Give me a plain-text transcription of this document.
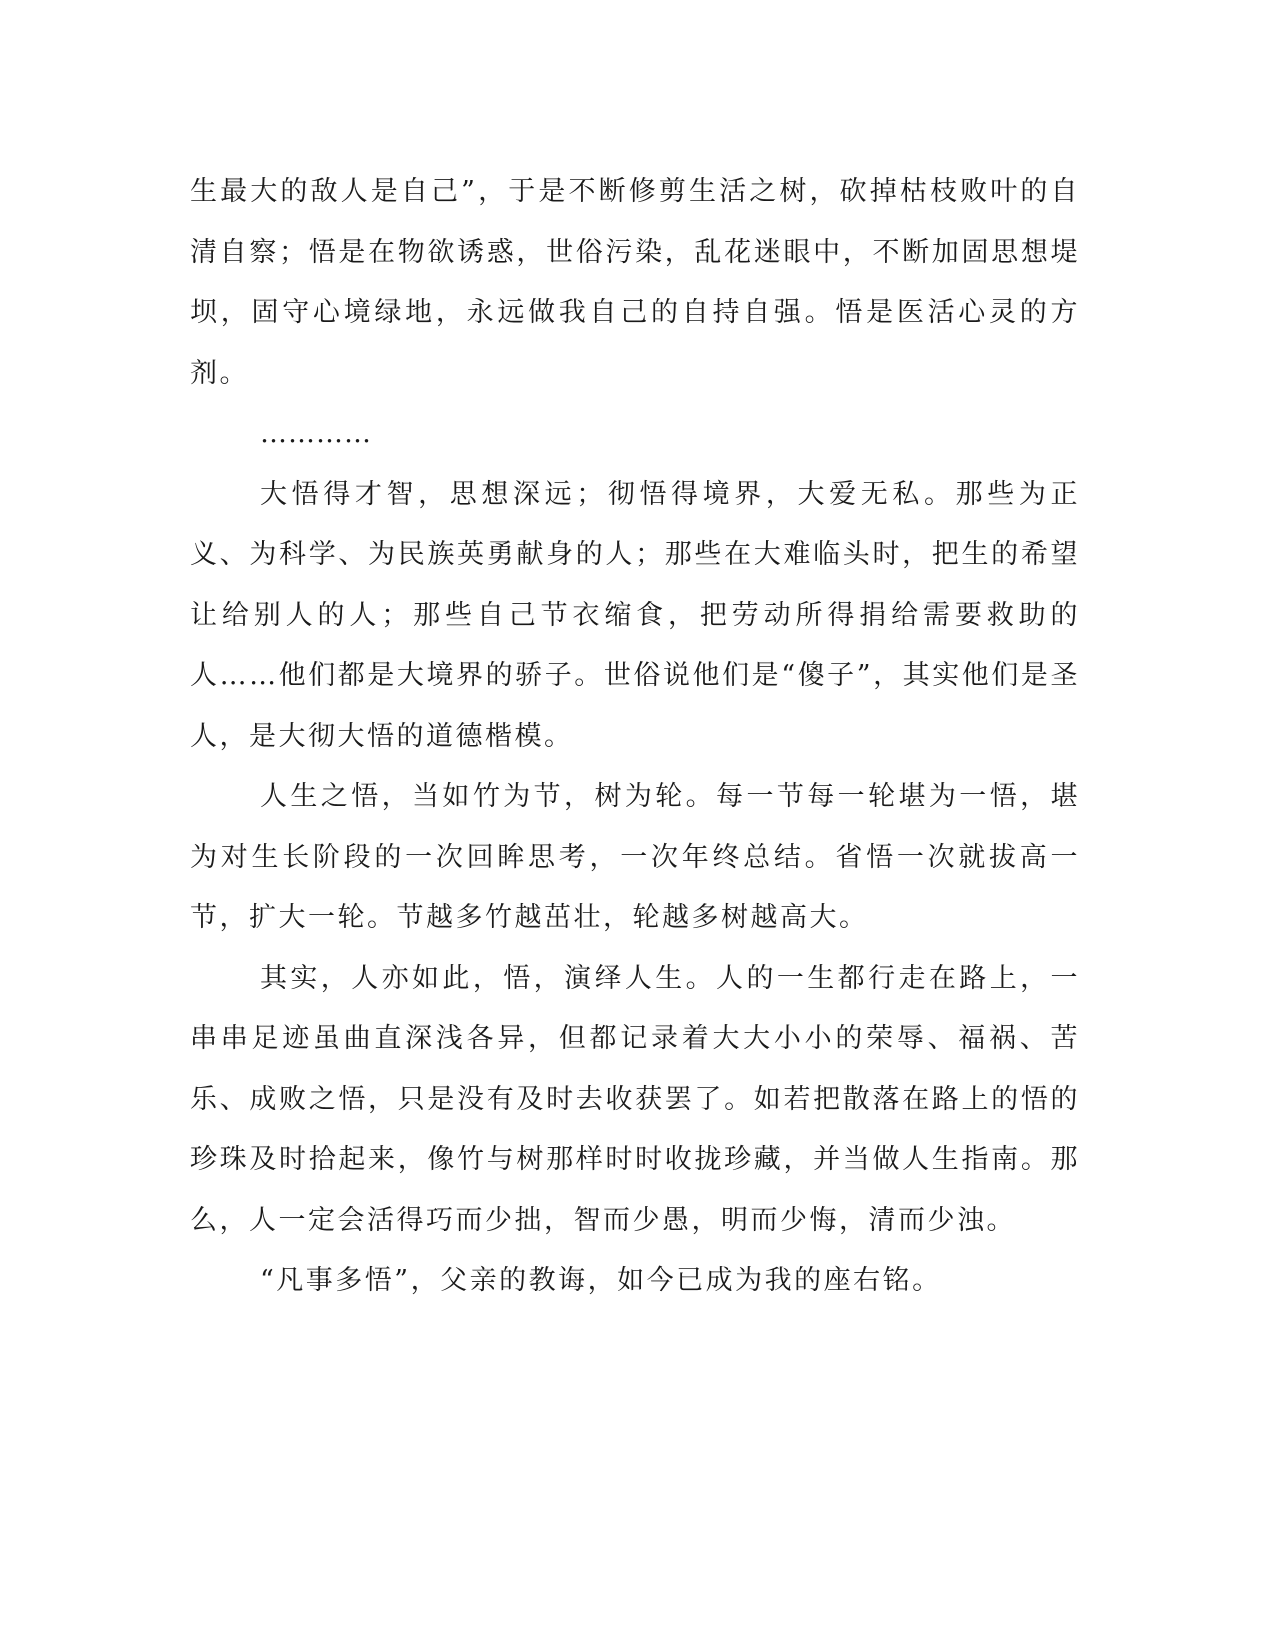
生最大的敌人是自己”，于是不断修剪生活之树，砍掉枯枝败叶的自清自察；悟是在物欲诱惑，世俗污染，乱花迷眼中，不断加固思想堤坝，固守心境绿地，永远做我自己的自持自强。悟是医活心灵的方剂。

…………

大悟得才智，思想深远；彻悟得境界，大爱无私。那些为正义、为科学、为民族英勇献身的人；那些在大难临头时，把生的希望让给别人的人；那些自己节衣缩食，把劳动所得捐给需要救助的人……他们都是大境界的骄子。世俗说他们是“傻子”，其实他们是圣人，是大彻大悟的道德楷模。

人生之悟，当如竹为节，树为轮。每一节每一轮堪为一悟，堪为对生长阶段的一次回眸思考，一次年终总结。省悟一次就拔高一节，扩大一轮。节越多竹越茁壮，轮越多树越高大。

其实，人亦如此，悟，演绎人生。人的一生都行走在路上，一串串足迹虽曲直深浅各异，但都记录着大大小小的荣辱、福祸、苦乐、成败之悟，只是没有及时去收获罢了。如若把散落在路上的悟的珍珠及时拾起来，像竹与树那样时时收拢珍藏，并当做人生指南。那么，人一定会活得巧而少拙，智而少愚，明而少悔，清而少浊。

“凡事多悟”，父亲的教诲，如今已成为我的座右铭。
